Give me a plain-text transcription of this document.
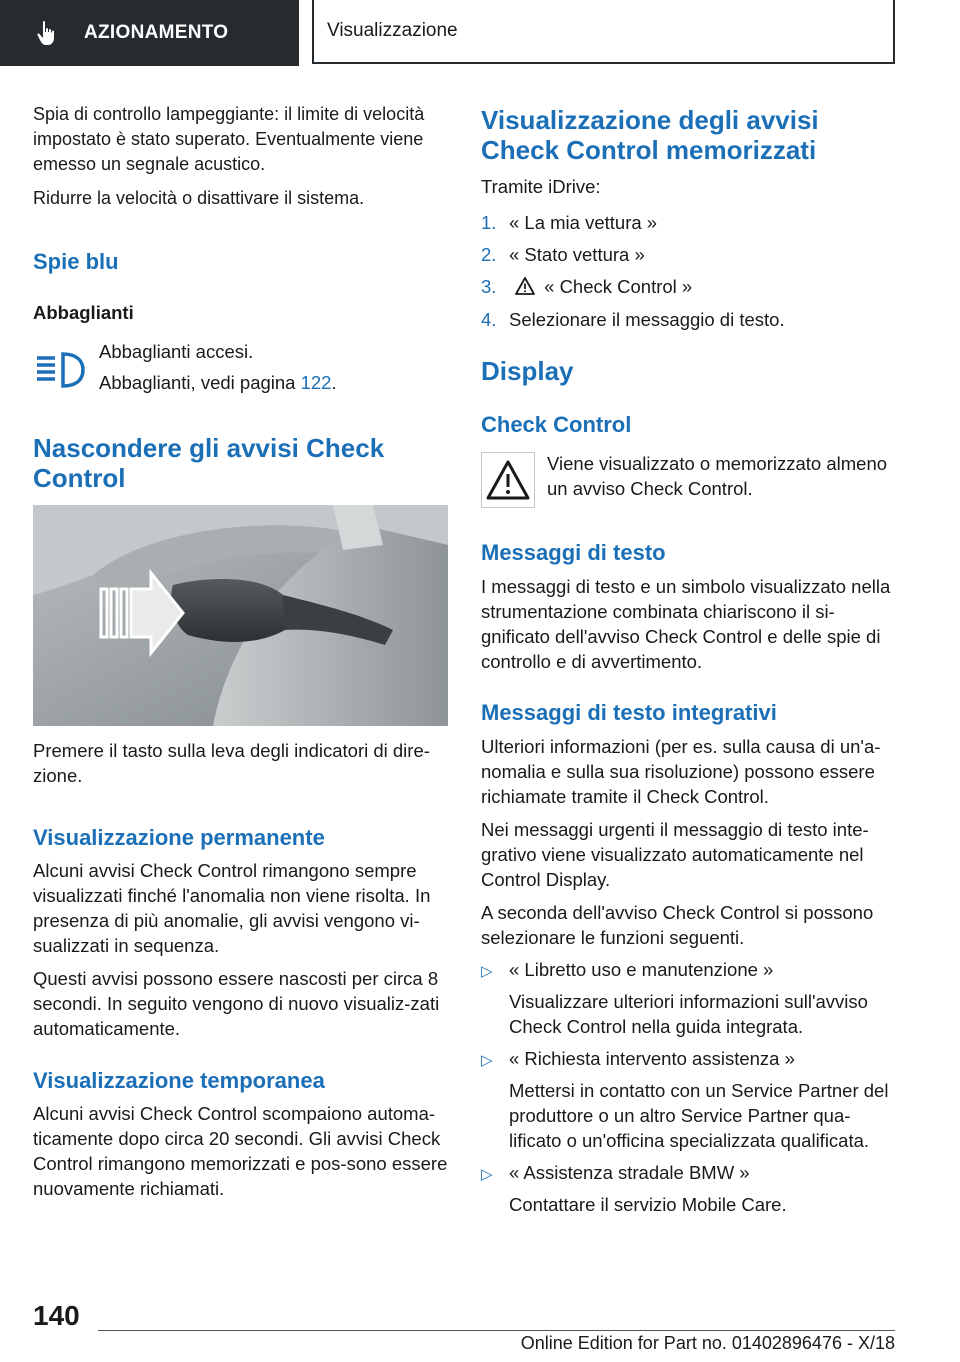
AZIONAMENTO	Visualizzazione

Spia di controllo lampeggiante: il limite di velocità impostato è stato superato. Eventualmente viene emesso un segnale acustico.

Ridurre la velocità o disattivare il sistema.

Spie blu
Abbaglianti

Abbaglianti accesi.

Abbaglianti, vedi pagina 122.

Nascondere gli avvisi Check
Control

Premere il tasto sulla leva degli indicatori di dire-zione.

Visualizzazione permanente

Alcuni avvisi Check Control rimangono sempre visualizzati finché l'anomalia non viene risolta. In presenza di più anomalie, gli avvisi vengono vi-sualizzati in sequenza.

Questi avvisi possono essere nascosti per circa 8 secondi. In seguito vengono di nuovo visualiz-zati automaticamente.

Visualizzazione temporanea

Alcuni avvisi Check Control scompaiono automa-ticamente dopo circa 20 secondi. Gli avvisi Check Control rimangono memorizzati e pos-sono essere nuovamente richiamati.

Visualizzazione degli avvisi
Check Control memorizzati

Tramite iDrive:

1. « La mia vettura »
2. « Stato vettura »
3.	« Check Control »
4. Selezionare il messaggio di testo.
Display
Check Control

Viene visualizzato o memorizzato almeno un avviso Check Control.

Messaggi di testo

I messaggi di testo e un simbolo visualizzato nella strumentazione combinata chiariscono il si-gnificato dell'avviso Check Control e delle spie di controllo e di avvertimento.

Messaggi di testo integrativi

Ulteriori informazioni (per es. sulla causa di un'a-nomalia e sulla sua risoluzione) possono essere richiamate tramite il Check Control.

Nei messaggi urgenti il messaggio di testo inte-grativo viene visualizzato automaticamente nel Control Display.

A seconda dell'avviso Check Control si possono selezionare le funzioni seguenti.

▷ « Libretto uso e manutenzione »

Visualizzare ulteriori informazioni sull'avviso Check Control nella guida integrata.

▷ « Richiesta intervento assistenza »

Mettersi in contatto con un Service Partner del produttore o un altro Service Partner qua-lificato o un'officina specializzata qualificata.

▷ « Assistenza stradale BMW »

Contattare il servizio Mobile Care.

140
Online Edition for Part no. 01402896476 - X/18
